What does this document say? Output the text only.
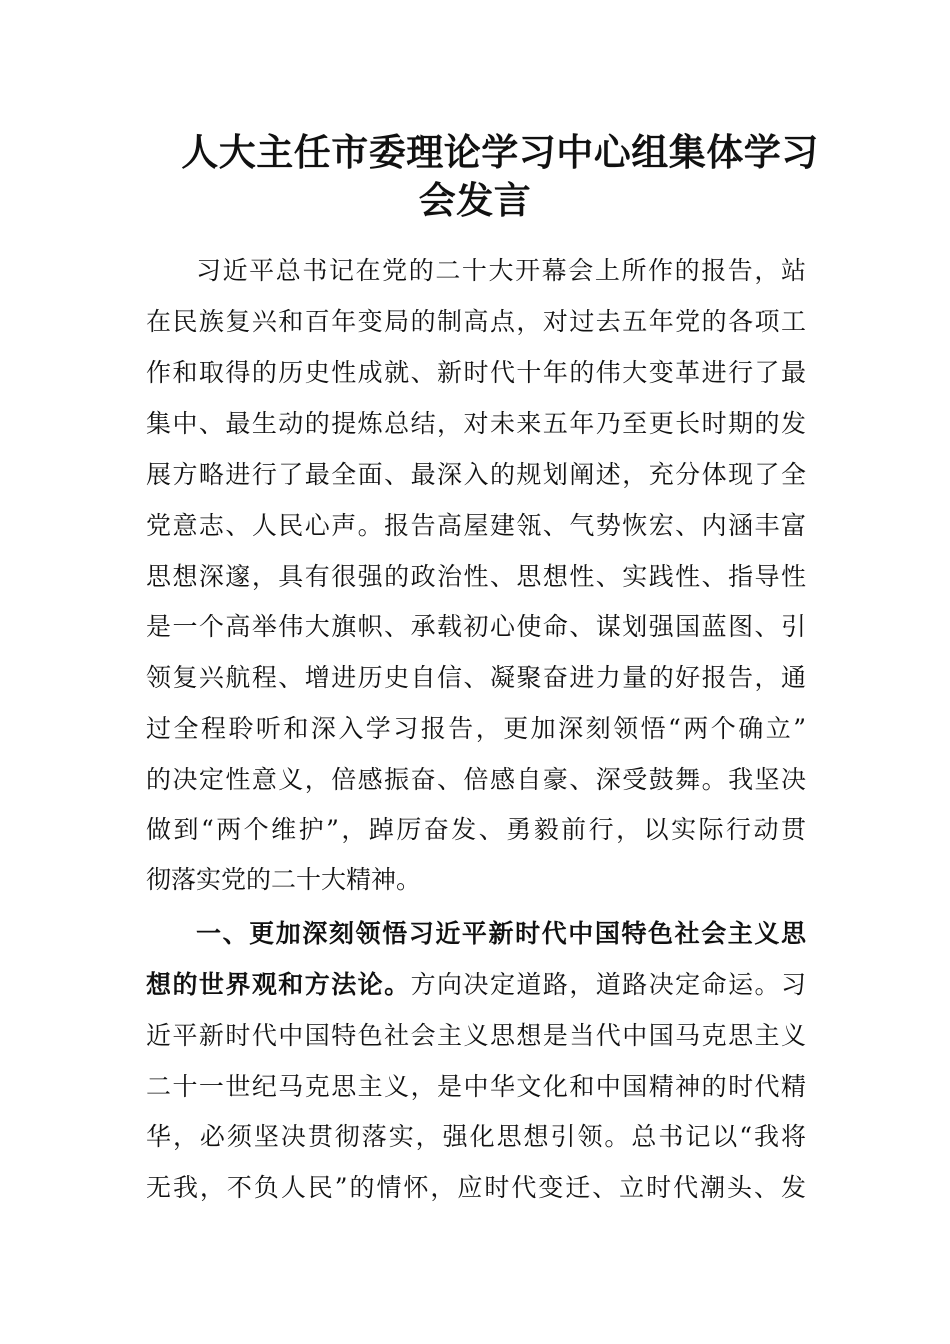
人大主任市委理论学习中心组集体学习
会发言

习近平总书记在党的二十大开幕会上所作的报告，站

在民族复兴和百年变局的制高点，对过去五年党的各项工

作和取得的历史性成就、新时代十年的伟大变革进行了最

集中、最生动的提炼总结，对未来五年乃至更长时期的发

展方略进行了最全面、最深入的规划阐述，充分体现了全

党意志、人民心声。报告高屋建瓴、气势恢宏、内涵丰富

思想深邃，具有很强的政治性、思想性、实践性、指导性

是一个高举伟大旗帜、承载初心使命、谋划强国蓝图、引

领复兴航程、增进历史自信、凝聚奋进力量的好报告，通

过全程聆听和深入学习报告，更加深刻领悟“两个确立”

的决定性意义，倍感振奋、倍感自豪、深受鼓舞。我坚决

做到“两个维护”，踔厉奋发、勇毅前行，以实际行动贯

彻落实党的二十大精神。

一、更加深刻领悟习近平新时代中国特色社会主义思

想的世界观和方法论。方向决定道路，道路决定命运。习

近平新时代中国特色社会主义思想是当代中国马克思主义

二十一世纪马克思主义，是中华文化和中国精神的时代精

华，必须坚决贯彻落实，强化思想引领。总书记以“我将

无我，不负人民”的情怀，应时代变迁、立时代潮头、发
